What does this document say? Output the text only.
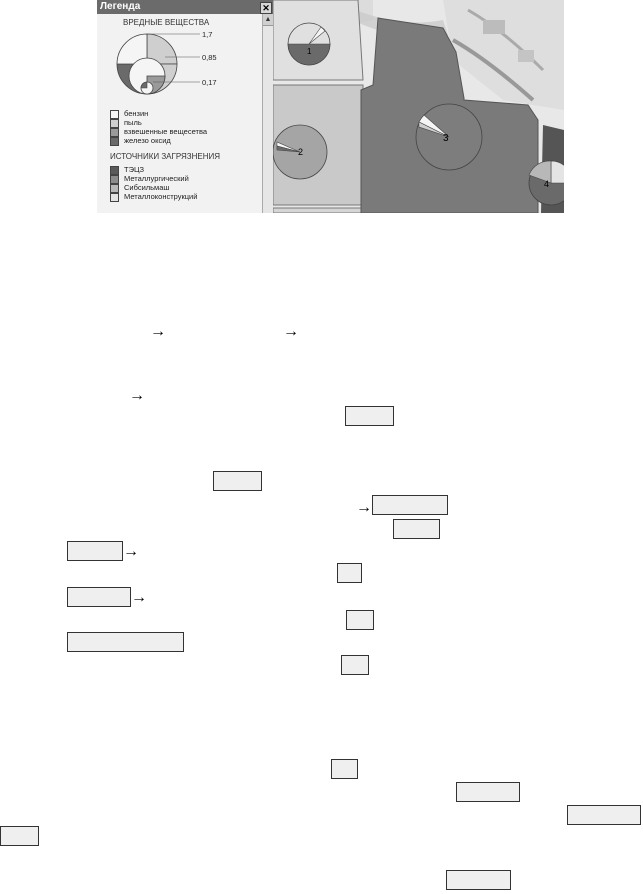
Легенда	✕
▲
ВРЕДНЫЕ ВЕЩЕСТВА
1,7
0,85
0,17
бензин
пыль
взвешенные вещесетва
железо оксид
ИСТОЧНИКИ ЗАГРЯЗНЕНИЯ
ТЭЦЗ
Металлургический
Сибсильмаш
Металлоконструкций
1
2
3
4
→	→
→
→
→
→
